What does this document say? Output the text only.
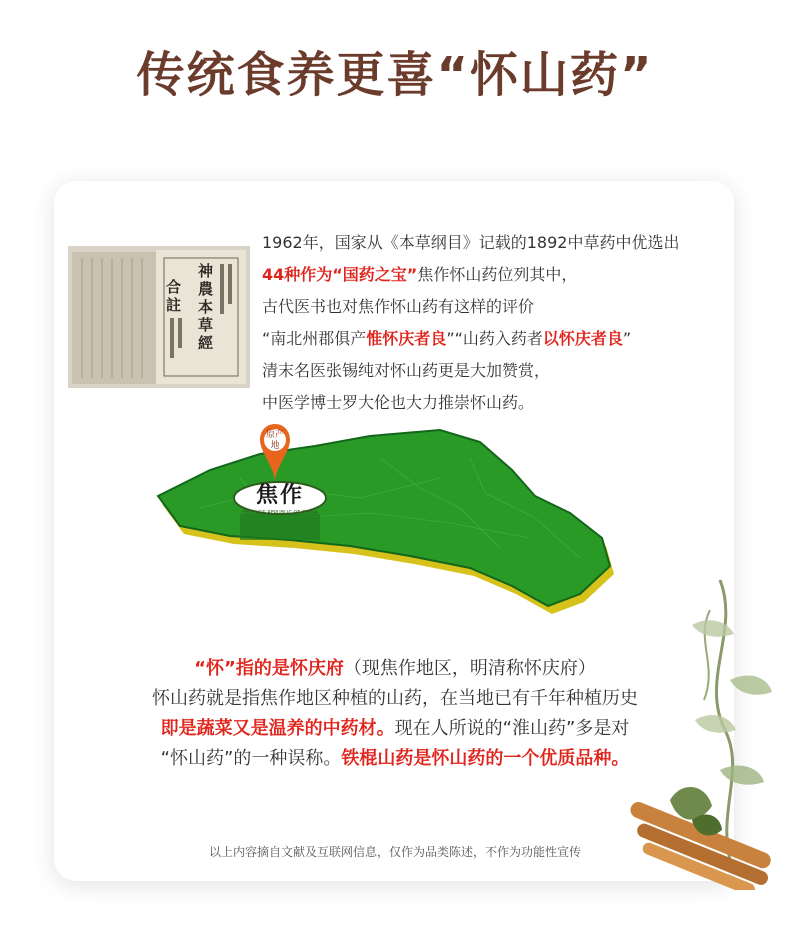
传统食养更喜“怀山药”
神農本草經
合註
1962年，国家从《本草纲目》记载的1892中草药中优选出
44种作为“国药之宝”焦作怀山药位列其中，
古代医书也对焦作怀山药有这样的评价
“南北州郡俱产惟怀庆者良”“山药入药者以怀庆者良”
清末名医张锡纯对怀山药更是大加赞赏，
中医学博士罗大伦也大力推崇怀山药。
原产地
焦作
PEOPLE'S REPUBLIC OF CHINA
“怀”指的是怀庆府（现焦作地区，明清称怀庆府）
怀山药就是指焦作地区种植的山药，在当地已有千年种植历史
即是蔬菜又是温养的中药材。现在人所说的“淮山药”多是对
“怀山药”的一种误称。铁棍山药是怀山药的一个优质品种。
以上内容摘自文献及互联网信息，仅作为品类陈述，不作为功能性宣传
